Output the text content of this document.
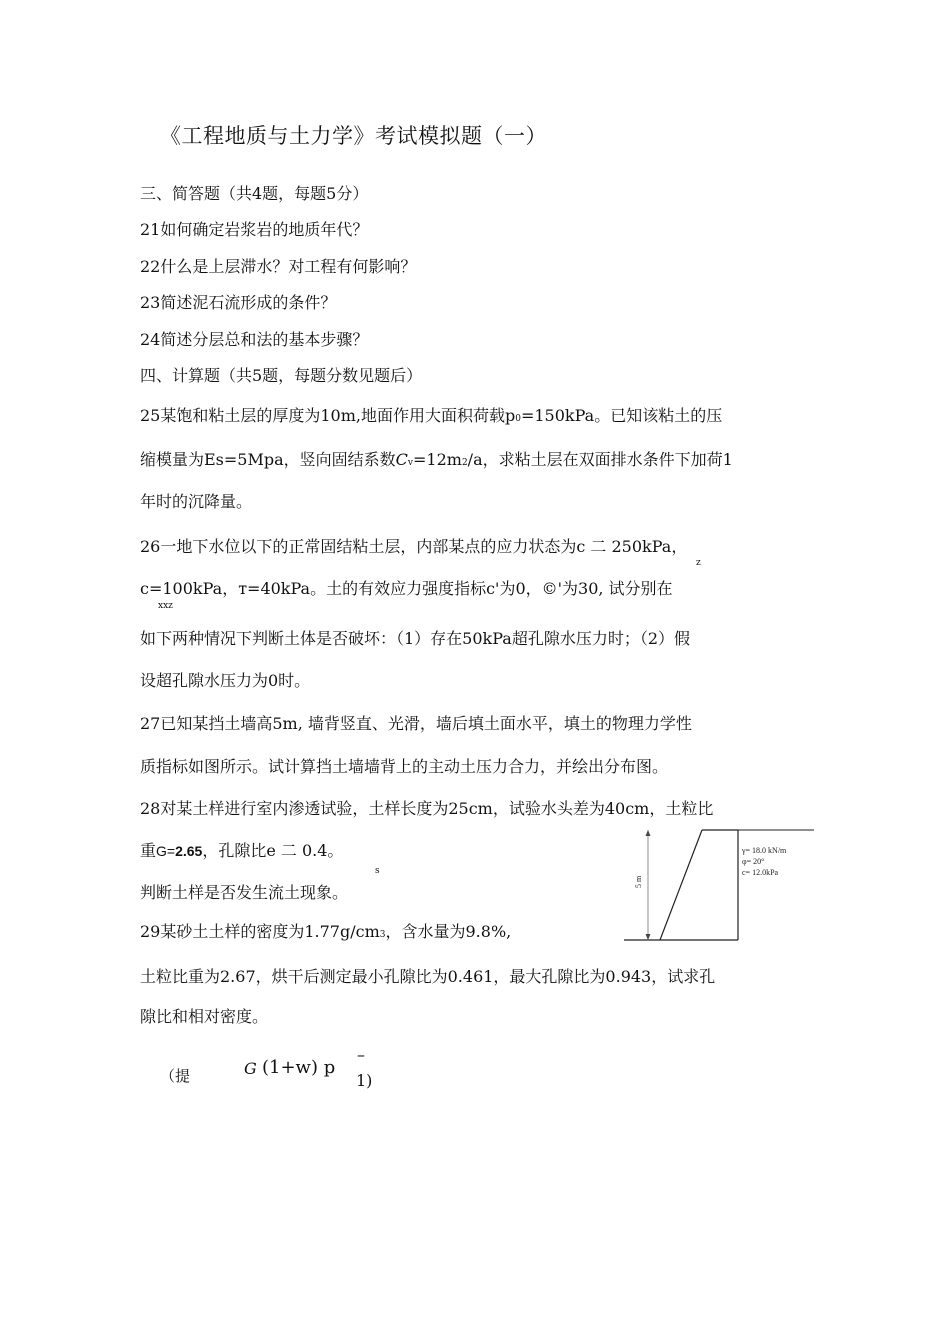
《工程地质与土力学》考试模拟题（一）
三、简答题（共4题，每题5分）
21如何确定岩浆岩的地质年代？
22什么是上层滞水？对工程有何影响？
23简述泥石流形成的条件？
24简述分层总和法的基本步骤？
四、计算题（共5题，每题分数见题后）
25某饱和粘土层的厚度为10m,地面作用大面积荷载p0=150kPa。已知该粘土的压
缩模量为Es=5Mpa，竖向固结系数Cv=12m2/a，求粘土层在双面排水条件下加荷1
年时的沉降量。
26一地下水位以下的正常固结粘土层，内部某点的应力状态为c 二 250kPa，
z
c=100kPa，т=40kPa。土的有效应力强度指标c'为0，©'为30, 试分别在
xxz
如下两种情况下判断土体是否破坏：（1）存在50kPa超孔隙水压力时；（2）假
设超孔隙水压力为0时。
27已知某挡土墙高5m, 墙背竖直、光滑，墙后填土面水平，填土的物理力学性
质指标如图所示。试计算挡土墙墙背上的主动土压力合力，并绘出分布图。
28对某土样进行室内渗透试验，土样长度为25cm，试验水头差为40cm，土粒比
重G=2.65，孔隙比e 二 0.4。
s
判断土样是否发生流土现象。
29某砂土土样的密度为1.77g/cm3，含水量为9.8%,
土粒比重为2.67，烘干后测定最小孔隙比为0.461，最大孔隙比为0.943，试求孔
隙比和相对密度。
（提	G (1+w) p
–
1)
5 m
γ= 18.0 kN/m
φ= 20°
c= 12.0kPa
